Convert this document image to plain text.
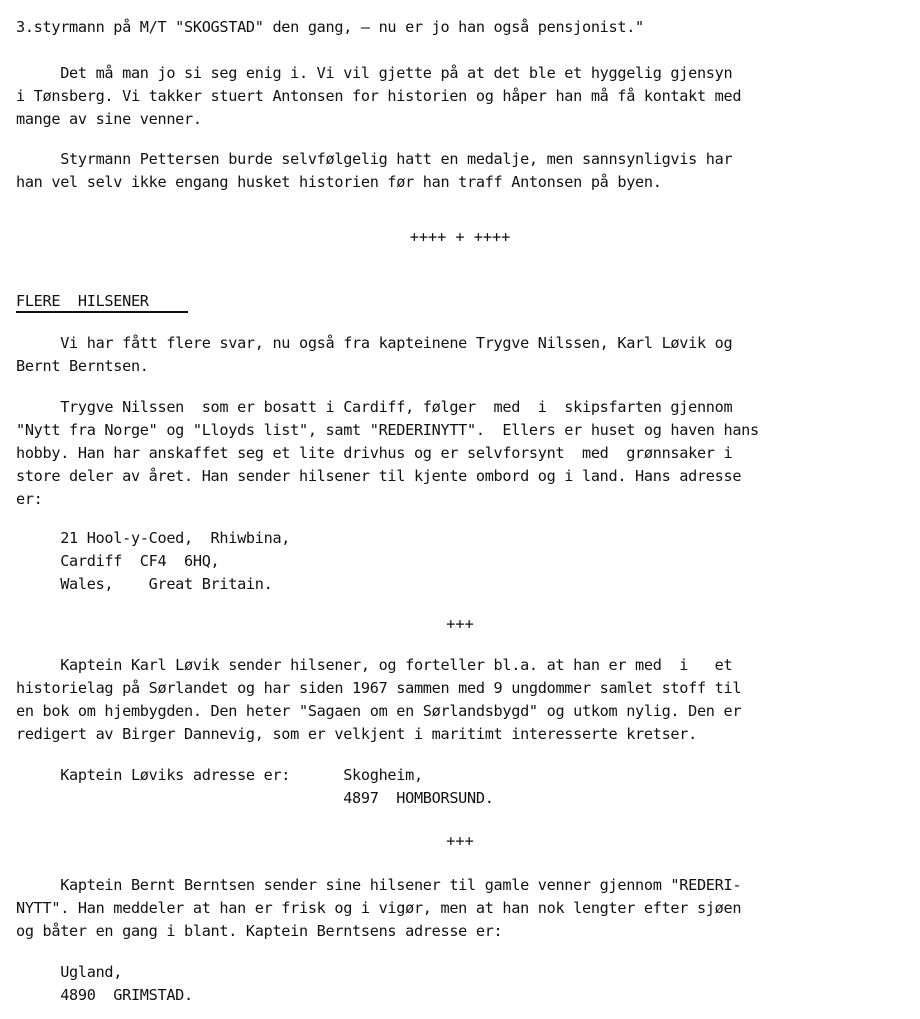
3.styrmann på M/T "SKOGSTAD" den gang, – nu er jo han også pensjonist."
Det må man jo si seg enig i. Vi vil gjette på at det ble et hyggelig gjensyn
i Tønsberg. Vi takker stuert Antonsen for historien og håper han må få kontakt med
mange av sine venner.
Styrmann Pettersen burde selvfølgelig hatt en medalje, men sannsynligvis har
han vel selv ikke engang husket historien før han traff Antonsen på byen.
++++ + ++++
FLERE  HILSENER
Vi har fått flere svar, nu også fra kapteinene Trygve Nilssen, Karl Løvik og
Bernt Berntsen.
Trygve Nilssen  som er bosatt i Cardiff, følger  med  i  skipsfarten gjennom
"Nytt fra Norge" og "Lloyds list", samt "REDERINYTT".  Ellers er huset og haven hans
hobby. Han har anskaffet seg et lite drivhus og er selvforsynt  med  grønnsaker i
store deler av året. Han sender hilsener til kjente ombord og i land. Hans adresse
er:
21 Hool-y-Coed,  Rhiwbina,
Cardiff  CF4  6HQ,
Wales,    Great Britain.
+++
Kaptein Karl Løvik sender hilsener, og forteller bl.a. at han er med  i   et
historielag på Sørlandet og har siden 1967 sammen med 9 ungdommer samlet stoff til
en bok om hjembygden. Den heter "Sagaen om en Sørlandsbygd" og utkom nylig. Den er
redigert av Birger Dannevig, som er velkjent i maritimt interesserte kretser.
Kaptein Løviks adresse er:      Skogheim,
4897  HOMBORSUND.
+++
Kaptein Bernt Berntsen sender sine hilsener til gamle venner gjennom "REDERI-
NYTT". Han meddeler at han er frisk og i vigør, men at han nok lengter efter sjøen
og båter en gang i blant. Kaptein Berntsens adresse er:
Ugland,
4890  GRIMSTAD.
